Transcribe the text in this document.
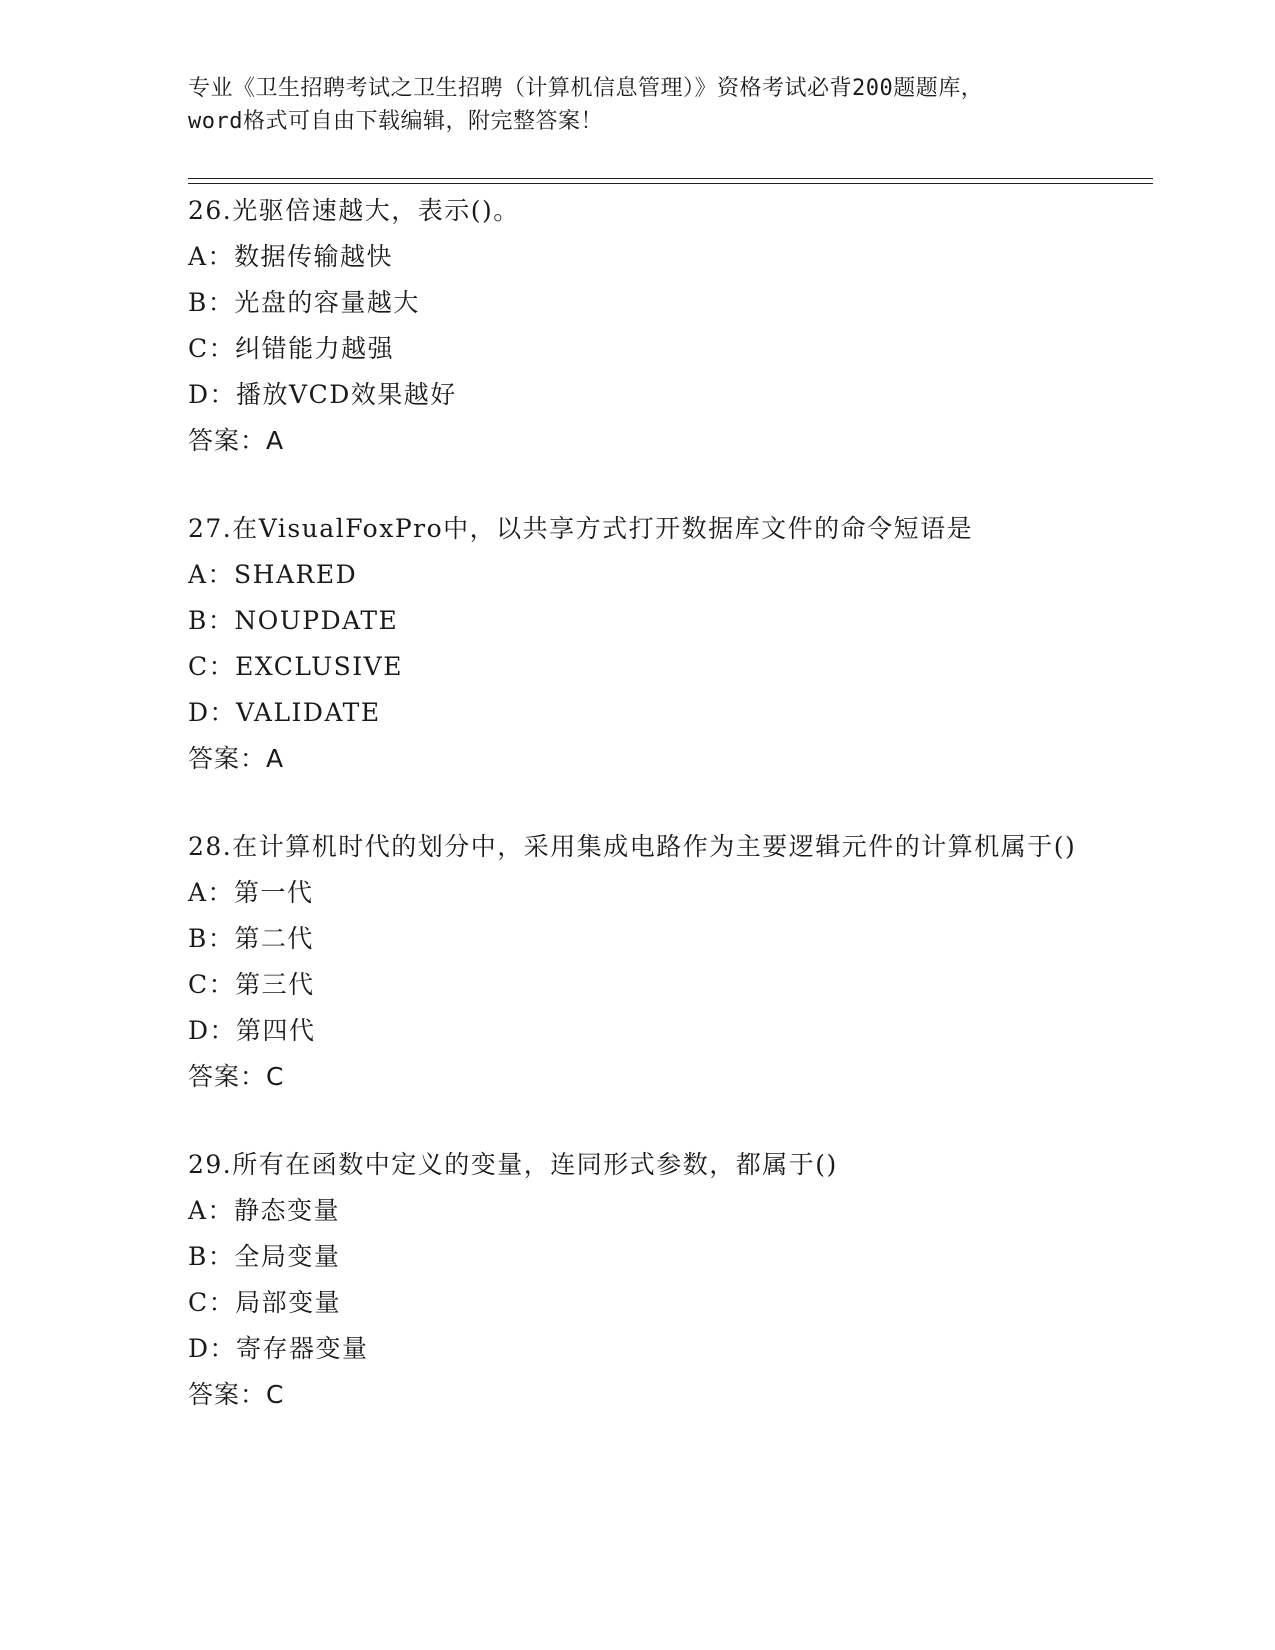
专业《卫生招聘考试之卫生招聘（计算机信息管理）》资格考试必背200题题库，

word格式可自由下载编辑，附完整答案！

26.光驱倍速越大，表示()。
A：数据传输越快
B：光盘的容量越大
C：纠错能力越强
D：播放VCD效果越好
答案：A
27.在VisualFoxPro中，以共享方式打开数据库文件的命令短语是
A：SHARED
B：NOUPDATE
C：EXCLUSIVE
D：VALIDATE
答案：A
28.在计算机时代的划分中，采用集成电路作为主要逻辑元件的计算机属于()
A：第一代
B：第二代
C：第三代
D：第四代
答案：C
29.所有在函数中定义的变量，连同形式参数，都属于()
A：静态变量
B：全局变量
C：局部变量
D：寄存器变量
答案：C
